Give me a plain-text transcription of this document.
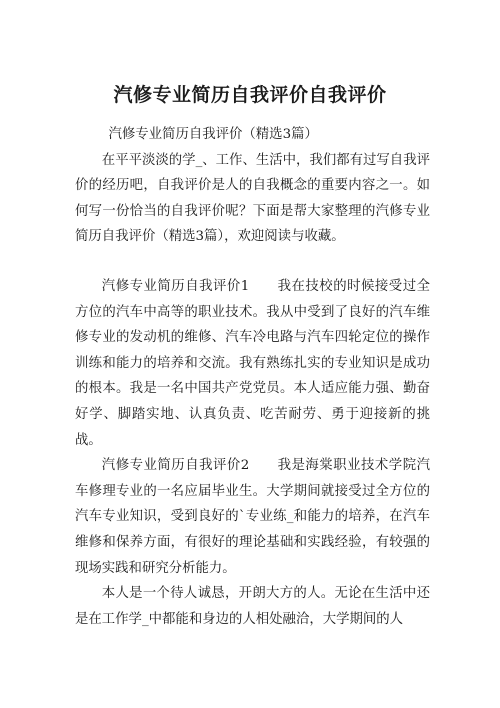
汽修专业简历自我评价自我评价

汽修专业简历自我评价（精选3篇）

在平平淡淡的学_、工作、生活中，我们都有过写自我评价的经历吧，自我评价是人的自我概念的重要内容之一。如何写一份恰当的自我评价呢？下面是帮大家整理的汽修专业简历自我评价（精选3篇），欢迎阅读与收藏。

汽修专业简历自我评价1　　我在技校的时候接受过全方位的汽车中高等的职业技术。我从中受到了良好的汽车维修专业的发动机的维修、汽车冷电路与汽车四轮定位的操作训练和能力的培养和交流。我有熟练扎实的专业知识是成功的根本。我是一名中国共产党党员。本人适应能力强、勤奋好学、脚踏实地、认真负责、吃苦耐劳、勇于迎接新的挑战。

汽修专业简历自我评价2　　我是海棠职业技术学院汽车修理专业的一名应届毕业生。大学期间就接受过全方位的汽车专业知识，受到良好的`专业练_和能力的培养，在汽车维修和保养方面，有很好的理论基础和实践经验，有较强的现场实践和研究分析能力。

本人是一个待人诚恳，开朗大方的人。无论在生活中还是在工作学_中都能和身边的人相处融洽，大学期间的人
